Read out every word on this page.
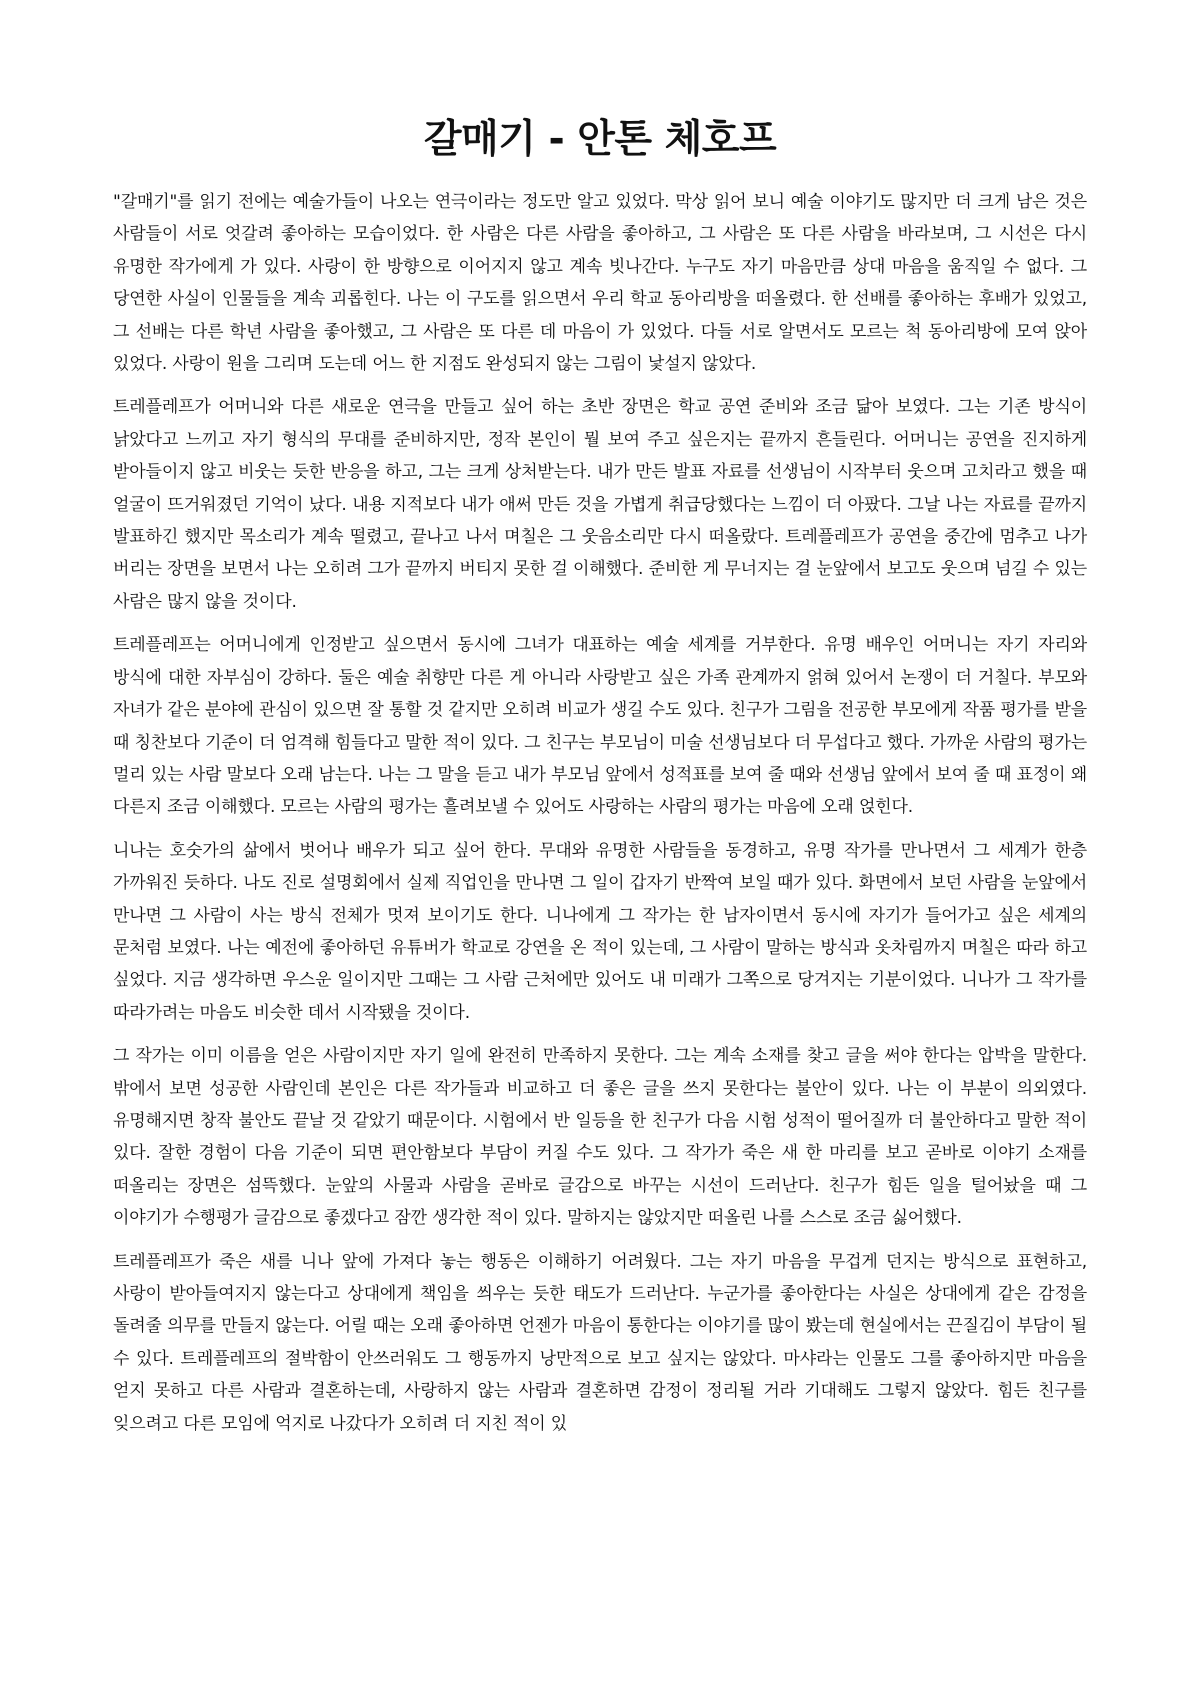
갈매기 - 안톤 체호프

"갈매기"를 읽기 전에는 예술가들이 나오는 연극이라는 정도만 알고 있었다. 막상 읽어 보니 예술 이야기도 많지만 더 크게 남은 것은 사람들이 서로 엇갈려 좋아하는 모습이었다. 한 사람은 다른 사람을 좋아하고, 그 사람은 또 다른 사람을 바라보며, 그 시선은 다시 유명한 작가에게 가 있다. 사랑이 한 방향으로 이어지지 않고 계속 빗나간다. 누구도 자기 마음만큼 상대 마음을 움직일 수 없다. 그 당연한 사실이 인물들을 계속 괴롭힌다. 나는 이 구도를 읽으면서 우리 학교 동아리방을 떠올렸다. 한 선배를 좋아하는 후배가 있었고, 그 선배는 다른 학년 사람을 좋아했고, 그 사람은 또 다른 데 마음이 가 있었다. 다들 서로 알면서도 모르는 척 동아리방에 모여 앉아 있었다. 사랑이 원을 그리며 도는데 어느 한 지점도 완성되지 않는 그림이 낯설지 않았다.

트레플레프가 어머니와 다른 새로운 연극을 만들고 싶어 하는 초반 장면은 학교 공연 준비와 조금 닮아 보였다. 그는 기존 방식이 낡았다고 느끼고 자기 형식의 무대를 준비하지만, 정작 본인이 뭘 보여 주고 싶은지는 끝까지 흔들린다. 어머니는 공연을 진지하게 받아들이지 않고 비웃는 듯한 반응을 하고, 그는 크게 상처받는다. 내가 만든 발표 자료를 선생님이 시작부터 웃으며 고치라고 했을 때 얼굴이 뜨거워졌던 기억이 났다. 내용 지적보다 내가 애써 만든 것을 가볍게 취급당했다는 느낌이 더 아팠다. 그날 나는 자료를 끝까지 발표하긴 했지만 목소리가 계속 떨렸고, 끝나고 나서 며칠은 그 웃음소리만 다시 떠올랐다. 트레플레프가 공연을 중간에 멈추고 나가 버리는 장면을 보면서 나는 오히려 그가 끝까지 버티지 못한 걸 이해했다. 준비한 게 무너지는 걸 눈앞에서 보고도 웃으며 넘길 수 있는 사람은 많지 않을 것이다.

트레플레프는 어머니에게 인정받고 싶으면서 동시에 그녀가 대표하는 예술 세계를 거부한다. 유명 배우인 어머니는 자기 자리와 방식에 대한 자부심이 강하다. 둘은 예술 취향만 다른 게 아니라 사랑받고 싶은 가족 관계까지 얽혀 있어서 논쟁이 더 거칠다. 부모와 자녀가 같은 분야에 관심이 있으면 잘 통할 것 같지만 오히려 비교가 생길 수도 있다. 친구가 그림을 전공한 부모에게 작품 평가를 받을 때 칭찬보다 기준이 더 엄격해 힘들다고 말한 적이 있다. 그 친구는 부모님이 미술 선생님보다 더 무섭다고 했다. 가까운 사람의 평가는 멀리 있는 사람 말보다 오래 남는다. 나는 그 말을 듣고 내가 부모님 앞에서 성적표를 보여 줄 때와 선생님 앞에서 보여 줄 때 표정이 왜 다른지 조금 이해했다. 모르는 사람의 평가는 흘려보낼 수 있어도 사랑하는 사람의 평가는 마음에 오래 얹힌다.

니나는 호숫가의 삶에서 벗어나 배우가 되고 싶어 한다. 무대와 유명한 사람들을 동경하고, 유명 작가를 만나면서 그 세계가 한층 가까워진 듯하다. 나도 진로 설명회에서 실제 직업인을 만나면 그 일이 갑자기 반짝여 보일 때가 있다. 화면에서 보던 사람을 눈앞에서 만나면 그 사람이 사는 방식 전체가 멋져 보이기도 한다. 니나에게 그 작가는 한 남자이면서 동시에 자기가 들어가고 싶은 세계의 문처럼 보였다. 나는 예전에 좋아하던 유튜버가 학교로 강연을 온 적이 있는데, 그 사람이 말하는 방식과 옷차림까지 며칠은 따라 하고 싶었다. 지금 생각하면 우스운 일이지만 그때는 그 사람 근처에만 있어도 내 미래가 그쪽으로 당겨지는 기분이었다. 니나가 그 작가를 따라가려는 마음도 비슷한 데서 시작됐을 것이다.

그 작가는 이미 이름을 얻은 사람이지만 자기 일에 완전히 만족하지 못한다. 그는 계속 소재를 찾고 글을 써야 한다는 압박을 말한다. 밖에서 보면 성공한 사람인데 본인은 다른 작가들과 비교하고 더 좋은 글을 쓰지 못한다는 불안이 있다. 나는 이 부분이 의외였다. 유명해지면 창작 불안도 끝날 것 같았기 때문이다. 시험에서 반 일등을 한 친구가 다음 시험 성적이 떨어질까 더 불안하다고 말한 적이 있다. 잘한 경험이 다음 기준이 되면 편안함보다 부담이 커질 수도 있다. 그 작가가 죽은 새 한 마리를 보고 곧바로 이야기 소재를 떠올리는 장면은 섬뜩했다. 눈앞의 사물과 사람을 곧바로 글감으로 바꾸는 시선이 드러난다. 친구가 힘든 일을 털어놨을 때 그 이야기가 수행평가 글감으로 좋겠다고 잠깐 생각한 적이 있다. 말하지는 않았지만 떠올린 나를 스스로 조금 싫어했다.

트레플레프가 죽은 새를 니나 앞에 가져다 놓는 행동은 이해하기 어려웠다. 그는 자기 마음을 무겁게 던지는 방식으로 표현하고, 사랑이 받아들여지지 않는다고 상대에게 책임을 씌우는 듯한 태도가 드러난다. 누군가를 좋아한다는 사실은 상대에게 같은 감정을 돌려줄 의무를 만들지 않는다. 어릴 때는 오래 좋아하면 언젠가 마음이 통한다는 이야기를 많이 봤는데 현실에서는 끈질김이 부담이 될 수 있다. 트레플레프의 절박함이 안쓰러워도 그 행동까지 낭만적으로 보고 싶지는 않았다. 마샤라는 인물도 그를 좋아하지만 마음을 얻지 못하고 다른 사람과 결혼하는데, 사랑하지 않는 사람과 결혼하면 감정이 정리될 거라 기대해도 그렇지 않았다. 힘든 친구를 잊으려고 다른 모임에 억지로 나갔다가 오히려 더 지친 적이 있
